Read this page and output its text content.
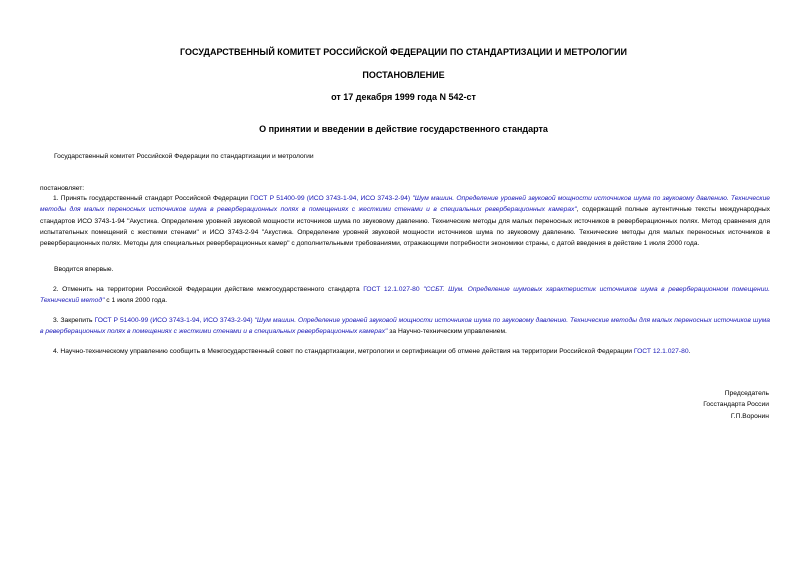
ГОСУДАРСТВЕННЫЙ КОМИТЕТ РОССИЙСКОЙ ФЕДЕРАЦИИ ПО СТАНДАРТИЗАЦИИ И МЕТРОЛОГИИ
ПОСТАНОВЛЕНИЕ
от 17 декабря 1999 года N 542-ст
О принятии и введении в действие государственного стандарта
Государственный комитет Российской Федерации по стандартизации и метрологии
постановляет:
1. Принять государственный стандарт Российской Федерации ГОСТ Р 51400-99 (ИСО 3743-1-94, ИСО 3743-2-94) "Шум машин. Определение уровней звуковой мощности источников шума по звуковому давлению. Технические методы для малых переносных источников шума в реверберационных полях в помещениях с жесткими стенами и в специальных реверберационных камерах", содержащий полные аутентичные тексты международных стандартов ИСО 3743-1-94 "Акустика. Определение уровней звуковой мощности источников шума по звуковому давлению. Технические методы для малых переносных источников в реверберационных полях. Метод сравнения для испытательных помещений с жесткими стенами" и ИСО 3743-2-94 "Акустика. Определение уровней звуковой мощности источников шума по звуковому давлению. Технические методы для малых переносных источников в реверберационных полях. Методы для специальных реверберационных камер" с дополнительными требованиями, отражающими потребности экономики страны, с датой введения в действие 1 июля 2000 года.
Вводится впервые.
2. Отменить на территории Российской Федерации действие межгосударственного стандарта ГОСТ 12.1.027-80 "ССБТ. Шум. Определение шумовых характеристик источников шума в реверберационном помещении. Технический метод" с 1 июля 2000 года.
3. Закрепить ГОСТ Р 51400-99 (ИСО 3743-1-94, ИСО 3743-2-94) "Шум машин. Определение уровней звуковой мощности источников шума по звуковому давлению. Технические методы для малых переносных источников шума в реверберационных полях в помещениях с жесткими стенами и в специальных реверберационных камерах" за Научно-техническим управлением.
4. Научно-техническому управлению сообщить в Межгосударственный совет по стандартизации, метрологии и сертификации об отмене действия на территории Российской Федерации ГОСТ 12.1.027-80.
Председатель
Госстандарта России
Г.П.Воронин
